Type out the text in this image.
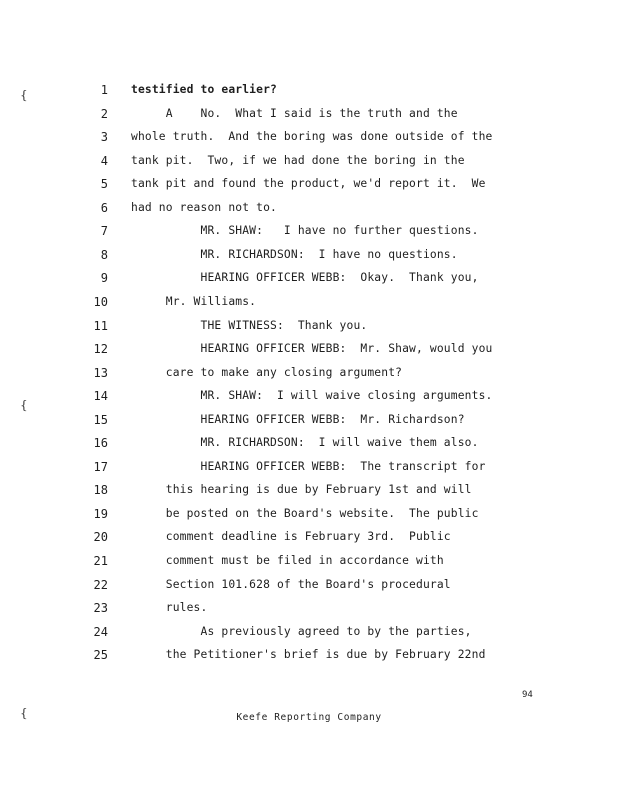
1 testified to earlier?
2 A    No.  What I said is the truth and the
3 whole truth.  And the boring was done outside of the
4 tank pit.  Two, if we had done the boring in the
5 tank pit and found the product, we'd report it.  We
6 had no reason not to.
7 MR. SHAW:   I have no further questions.
8 MR. RICHARDSON:  I have no questions.
9 HEARING OFFICER WEBB:  Okay.  Thank you,
10 Mr. Williams.
11 THE WITNESS:  Thank you.
12 HEARING OFFICER WEBB:  Mr. Shaw, would you
13 care to make any closing argument?
14 MR. SHAW:  I will waive closing arguments.
15 HEARING OFFICER WEBB:  Mr. Richardson?
16 MR. RICHARDSON:  I will waive them also.
17 HEARING OFFICER WEBB:  The transcript for
18 this hearing is due by February 1st and will
19 be posted on the Board's website.  The public
20 comment deadline is February 3rd.  Public
21 comment must be filed in accordance with
22 Section 101.628 of the Board's procedural
23 rules.
24 As previously agreed to by the parties,
25 the Petitioner's brief is due by February 22nd
{
{
{
94
Keefe Reporting Company
